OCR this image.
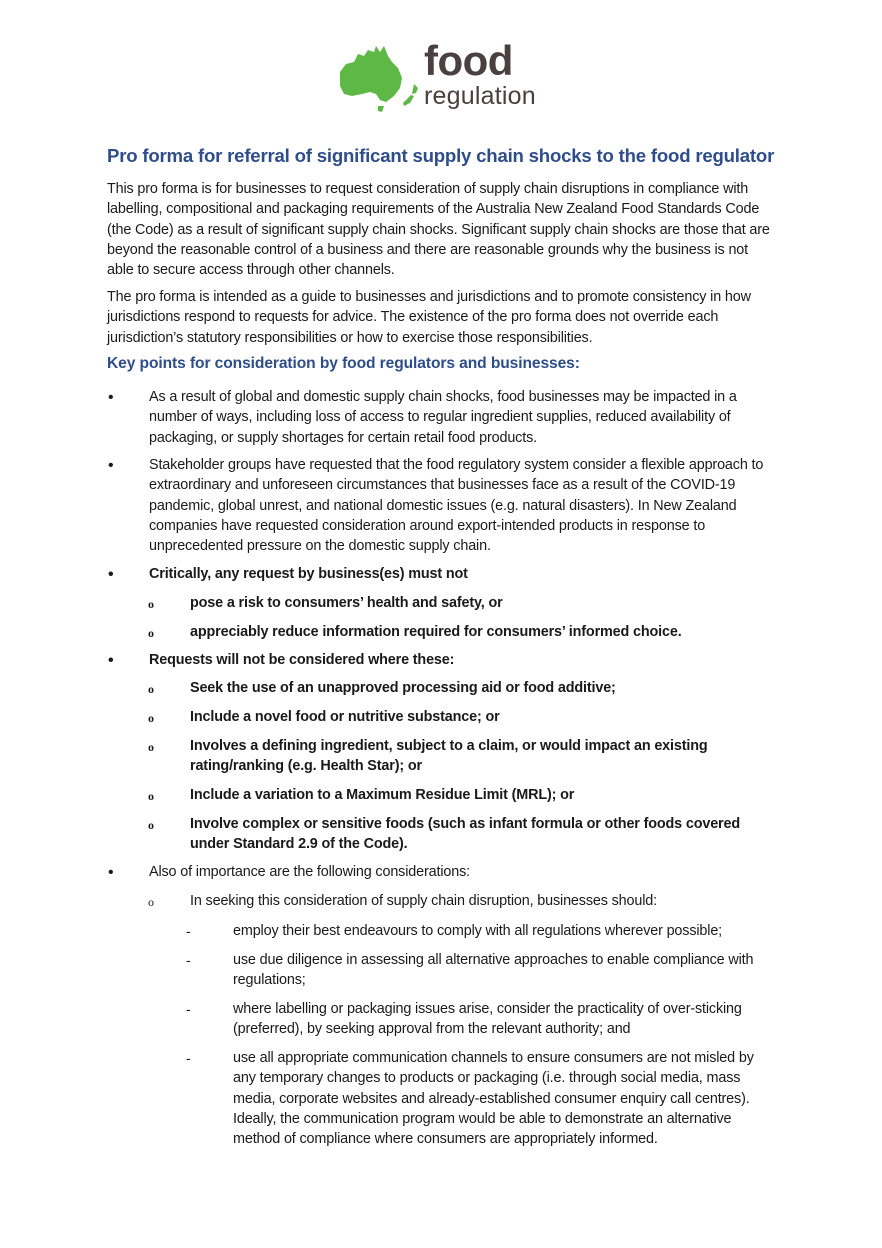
food
regulation
Pro forma for referral of significant supply chain shocks to the food regulator
This pro forma is for businesses to request consideration of supply chain disruptions in compliance with labelling, compositional and packaging requirements of the Australia New Zealand Food Standards Code (the Code) as a result of significant supply chain shocks. Significant supply chain shocks are those that are beyond the reasonable control of a business and there are reasonable grounds why the business is not able to secure access through other channels.
The pro forma is intended as a guide to businesses and jurisdictions and to promote consistency in how jurisdictions respond to requests for advice. The existence of the pro forma does not override each jurisdiction’s statutory responsibilities or how to exercise those responsibilities.
Key points for consideration by food regulators and businesses:
• As a result of global and domestic supply chain shocks, food businesses may be impacted in a number of ways, including loss of access to regular ingredient supplies, reduced availability of packaging, or supply shortages for certain retail food products.
• Stakeholder groups have requested that the food regulatory system consider a flexible approach to extraordinary and unforeseen circumstances that businesses face as a result of the COVID-19 pandemic, global unrest, and national domestic issues (e.g. natural disasters). In New Zealand companies have requested consideration around export-intended products in response to unprecedented pressure on the domestic supply chain.
• Critically, any request by business(es) must not
o	pose a risk to consumers’ health and safety, or
o	appreciably reduce information required for consumers’ informed choice.
• Requests will not be considered where these:
o	Seek the use of an unapproved processing aid or food additive;
o	Include a novel food or nutritive substance; or
o	Involves a defining ingredient, subject to a claim, or would impact an existing rating/ranking (e.g. Health Star); or
o	Include a variation to a Maximum Residue Limit (MRL); or
o	Involve complex or sensitive foods (such as infant formula or other foods covered under Standard 2.9 of the Code).
• Also of importance are the following considerations:
o	In seeking this consideration of supply chain disruption, businesses should:
-	employ their best endeavours to comply with all regulations wherever possible;
-	use due diligence in assessing all alternative approaches to enable compliance with regulations;
-	where labelling or packaging issues arise, consider the practicality of over-sticking (preferred), by seeking approval from the relevant authority; and
-	use all appropriate communication channels to ensure consumers are not misled by any temporary changes to products or packaging (i.e. through social media, mass media, corporate websites and already-established consumer enquiry call centres). Ideally, the communication program would be able to demonstrate an alternative method of compliance where consumers are appropriately informed.
